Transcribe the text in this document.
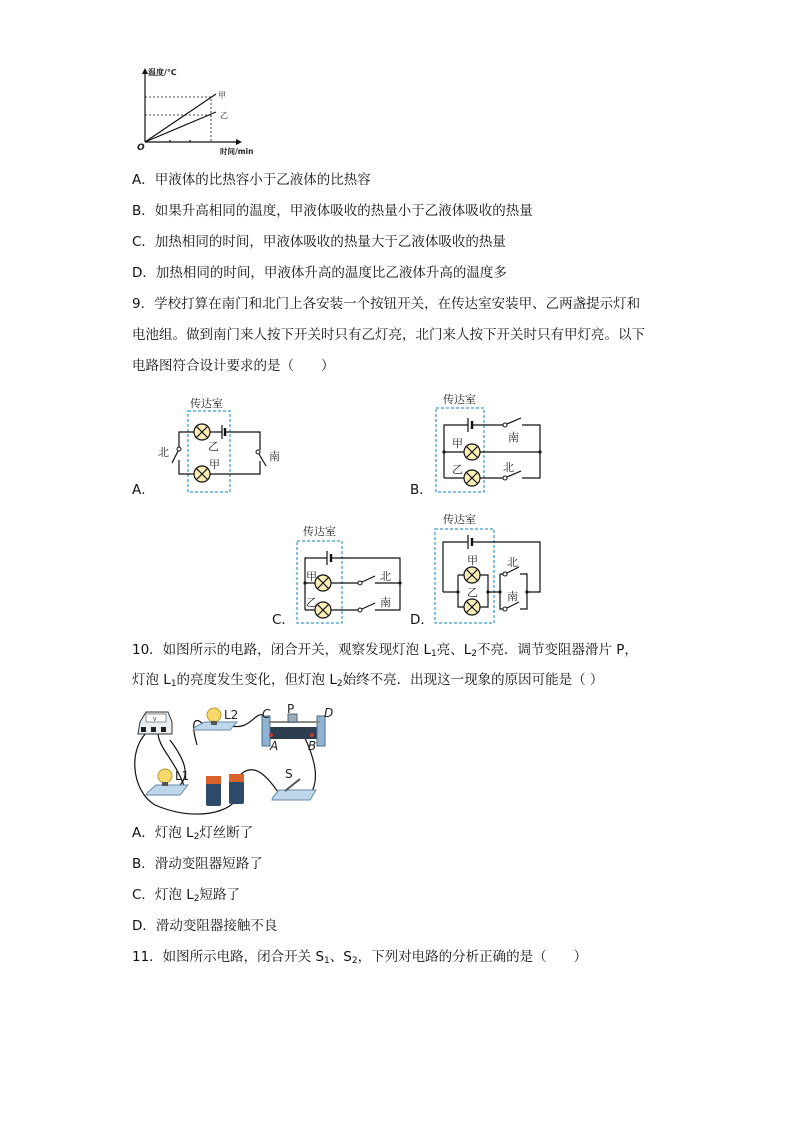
温度/℃
时间/min
O
甲
乙
传达室
北	南
乙
甲
传达室
南
北
甲
乙
传达室
北
南
甲
乙
传达室
北
南
甲
乙
V	L2 C P D
A B
L1	S
A．甲液体的比热容小于乙液体的比热容
B．如果升高相同的温度，甲液体吸收的热量小于乙液体吸收的热量
C．加热相同的时间，甲液体吸收的热量大于乙液体吸收的热量
D．加热相同的时间，甲液体升高的温度比乙液体升高的温度多
9．学校打算在南门和北门上各安装一个按钮开关，在传达室安装甲、乙两盏提示灯和
电池组。做到南门来人按下开关时只有乙灯亮，北门来人按下开关时只有甲灯亮。以下
电路图符合设计要求的是（　　）
A．	B．
C．	D．
10．如图所示的电路，闭合开关，观察发现灯泡 $L_1$亮、$L_2$不亮．调节变阻器滑片 P，
灯泡 $L_1$的亮度发生变化，但灯泡 $L_2$始终不亮．出现这一现象的原因可能是（ ）
A．灯泡 $L_2$灯丝断了
B．滑动变阻器短路了
C．灯泡 $L_2$短路了
D．滑动变阻器接触不良
11．如图所示电路，闭合开关 $S_1$、$S_2$，下列对电路的分析正确的是（　　）
